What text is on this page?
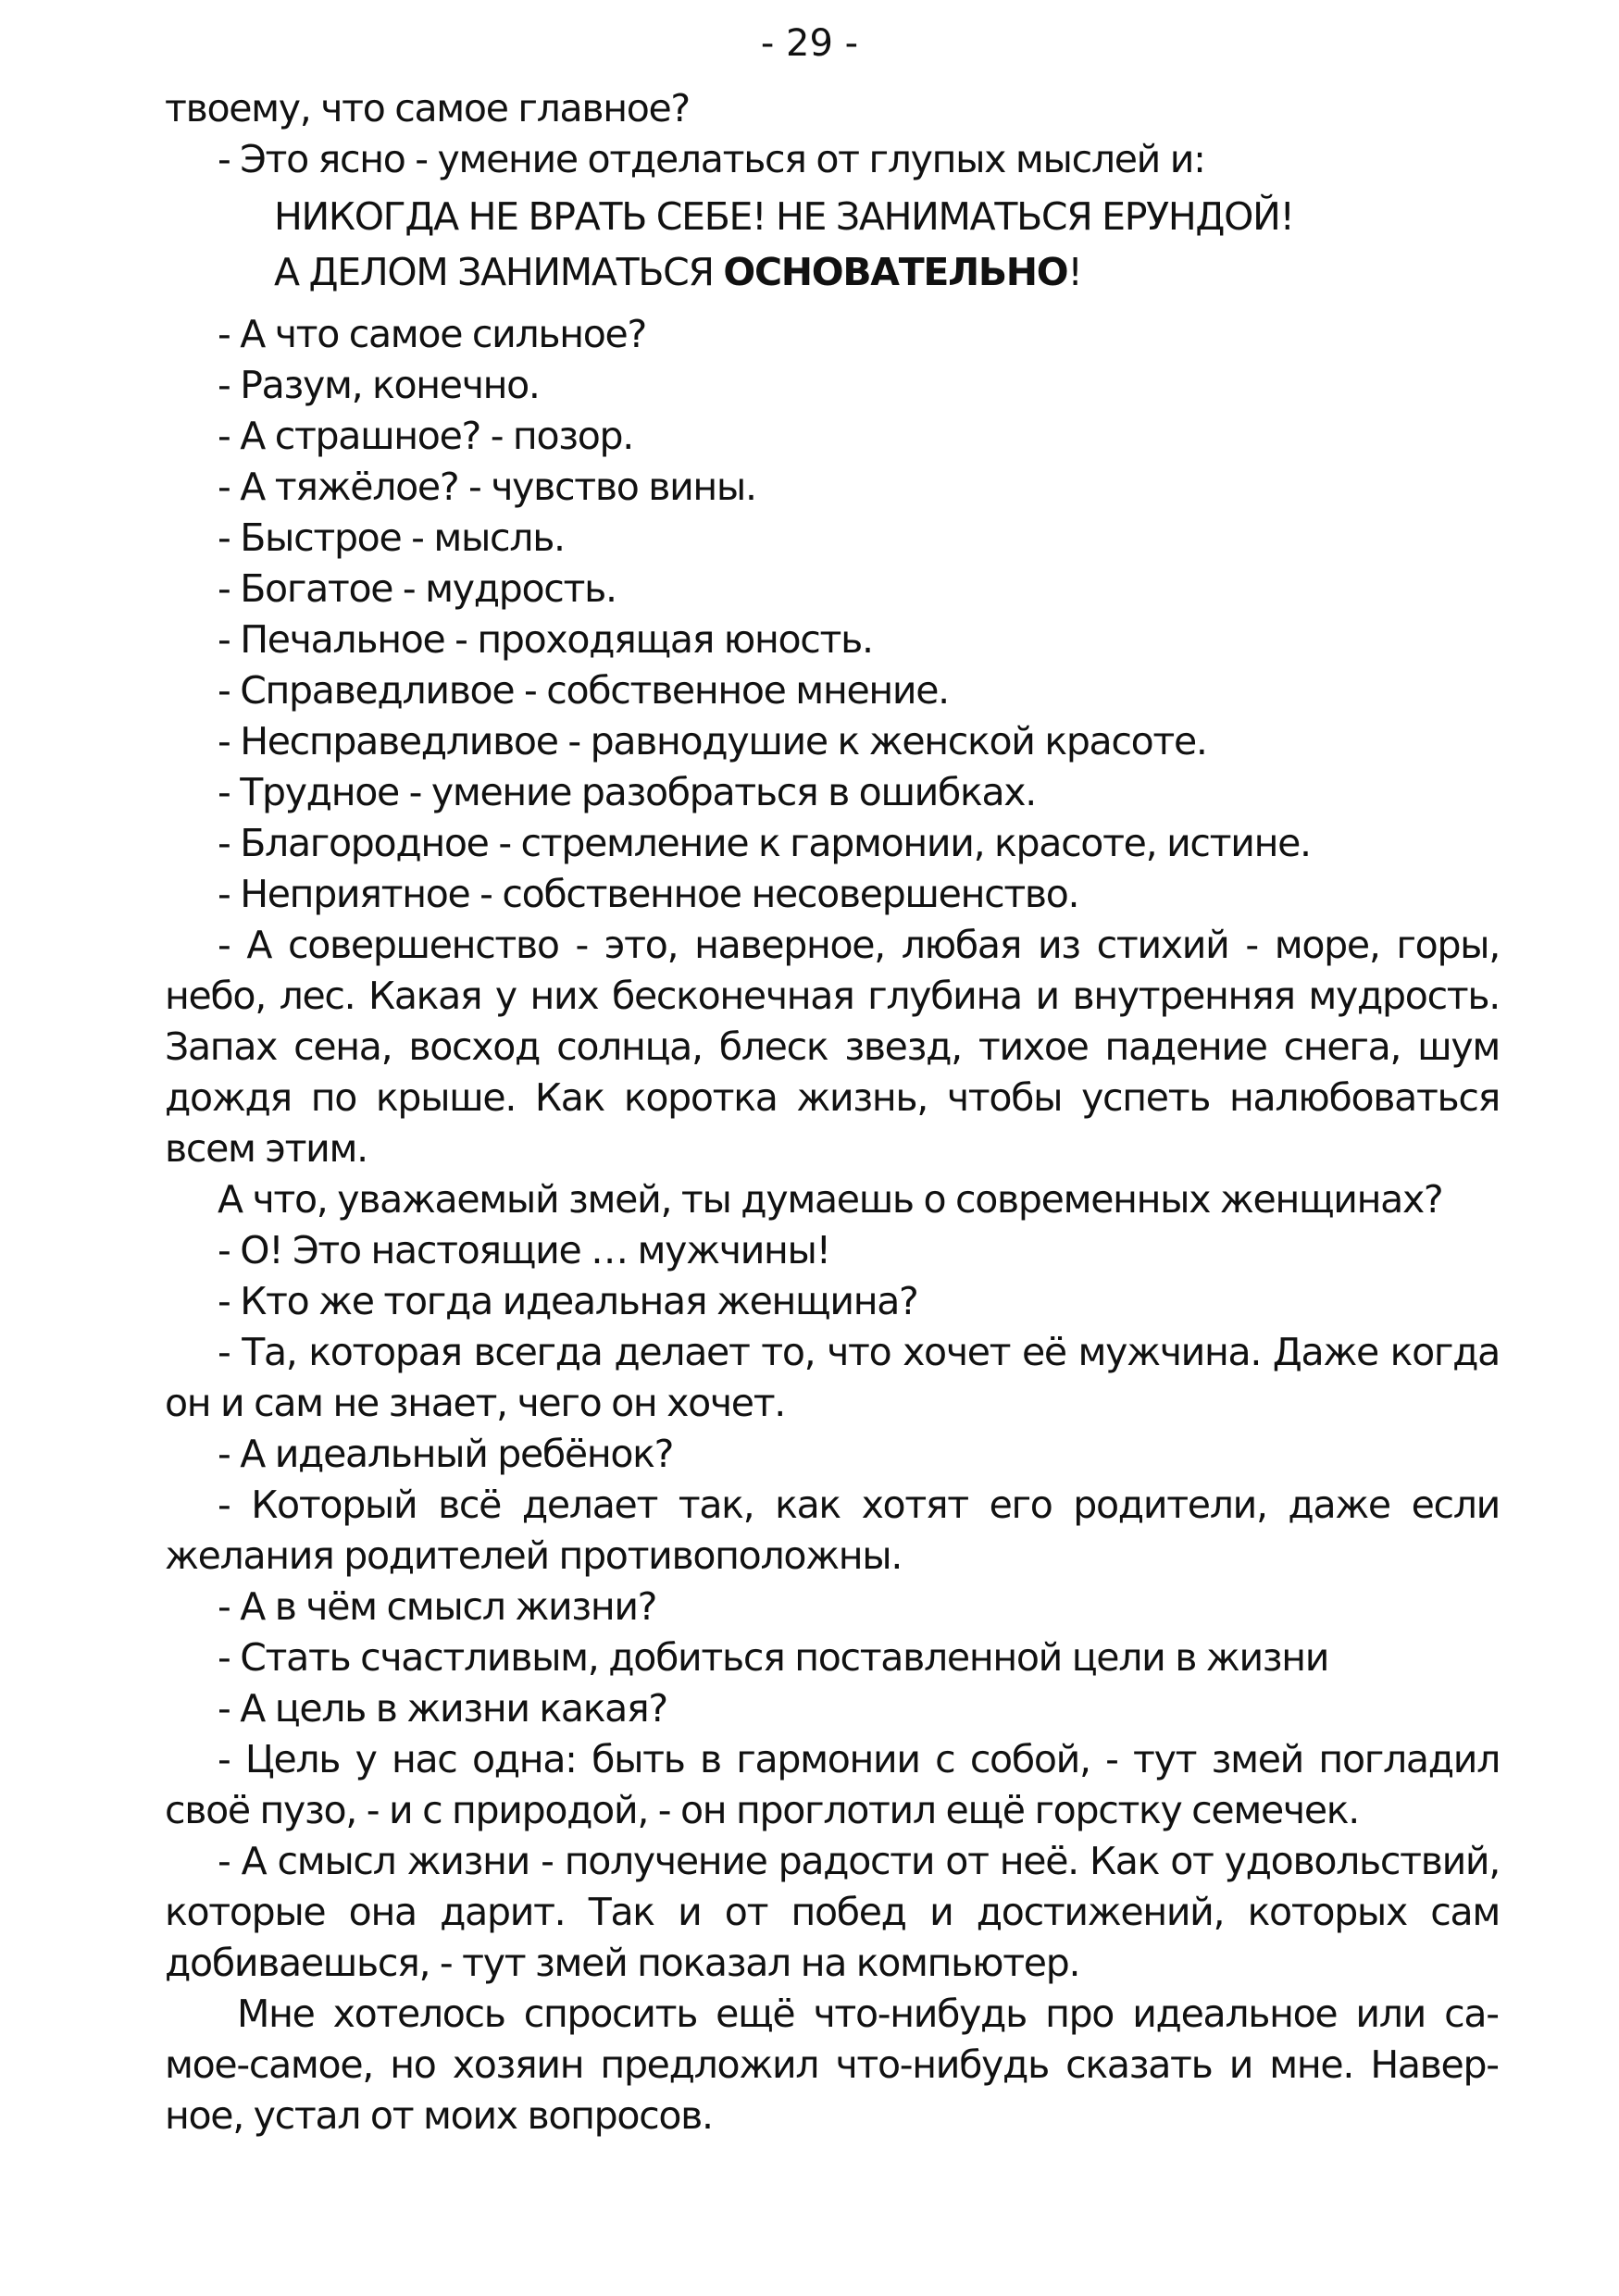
- 29 -

твоему, что самое главное?

- Это ясно - умение отделаться от глупых мыслей и:

НИКОГДА НЕ ВРАТЬ СЕБЕ! НЕ ЗАНИМАТЬСЯ ЕРУНДОЙ!
А ДЕЛОМ ЗАНИМАТЬСЯ ОСНОВАТЕЛЬНО!

- А что самое сильное?

- Разум, конечно.

- А страшное? - позор.

- А тяжёлое? - чувство вины.

- Быстрое - мысль.

- Богатое - мудрость.

- Печальное - проходящая юность.

- Справедливое - собственное мнение.

- Несправедливое - равнодушие к женской красоте.

- Трудное - умение разобраться в ошибках.

- Благородное - стремление к гармонии, красоте, истине.

- Неприятное - собственное несовершенство.

- А совершенство - это, наверное, любая из стихий - море, горы, небо, лес. Какая у них бесконечная глубина и внутренняя мудрость. Запах сена, восход солнца, блеск звезд, тихое падение снега, шум дождя по крыше. Как коротка жизнь, чтобы успеть налюбоваться всем этим.

А что, уважаемый змей, ты думаешь о современных женщинах?

- О! Это настоящие … мужчины!

- Кто же тогда идеальная женщина?

- Та, которая всегда делает то, что хочет её мужчина. Даже когда он и сам не знает, чего он хочет.

- А идеальный ребёнок?

- Который всё делает так, как хотят его родители, даже если желания родителей противоположны.

- А в чём смысл жизни?

- Стать счастливым, добиться поставленной цели в жизни

- А цель в жизни какая?

- Цель у нас одна: быть в гармонии с собой, - тут змей погладил своё пузо, - и с природой, - он проглотил ещё горстку семечек.

- А смысл жизни - получение радости от неё. Как от удовольствий, которые она дарит. Так и от побед и достижений, которых сам добиваешься, - тут змей показал на компьютер.

Мне хотелось спросить ещё что-нибудь про идеальное или самое-самое, но хозяин предложил что-нибудь сказать и мне. Наверное, устал от моих вопросов.
